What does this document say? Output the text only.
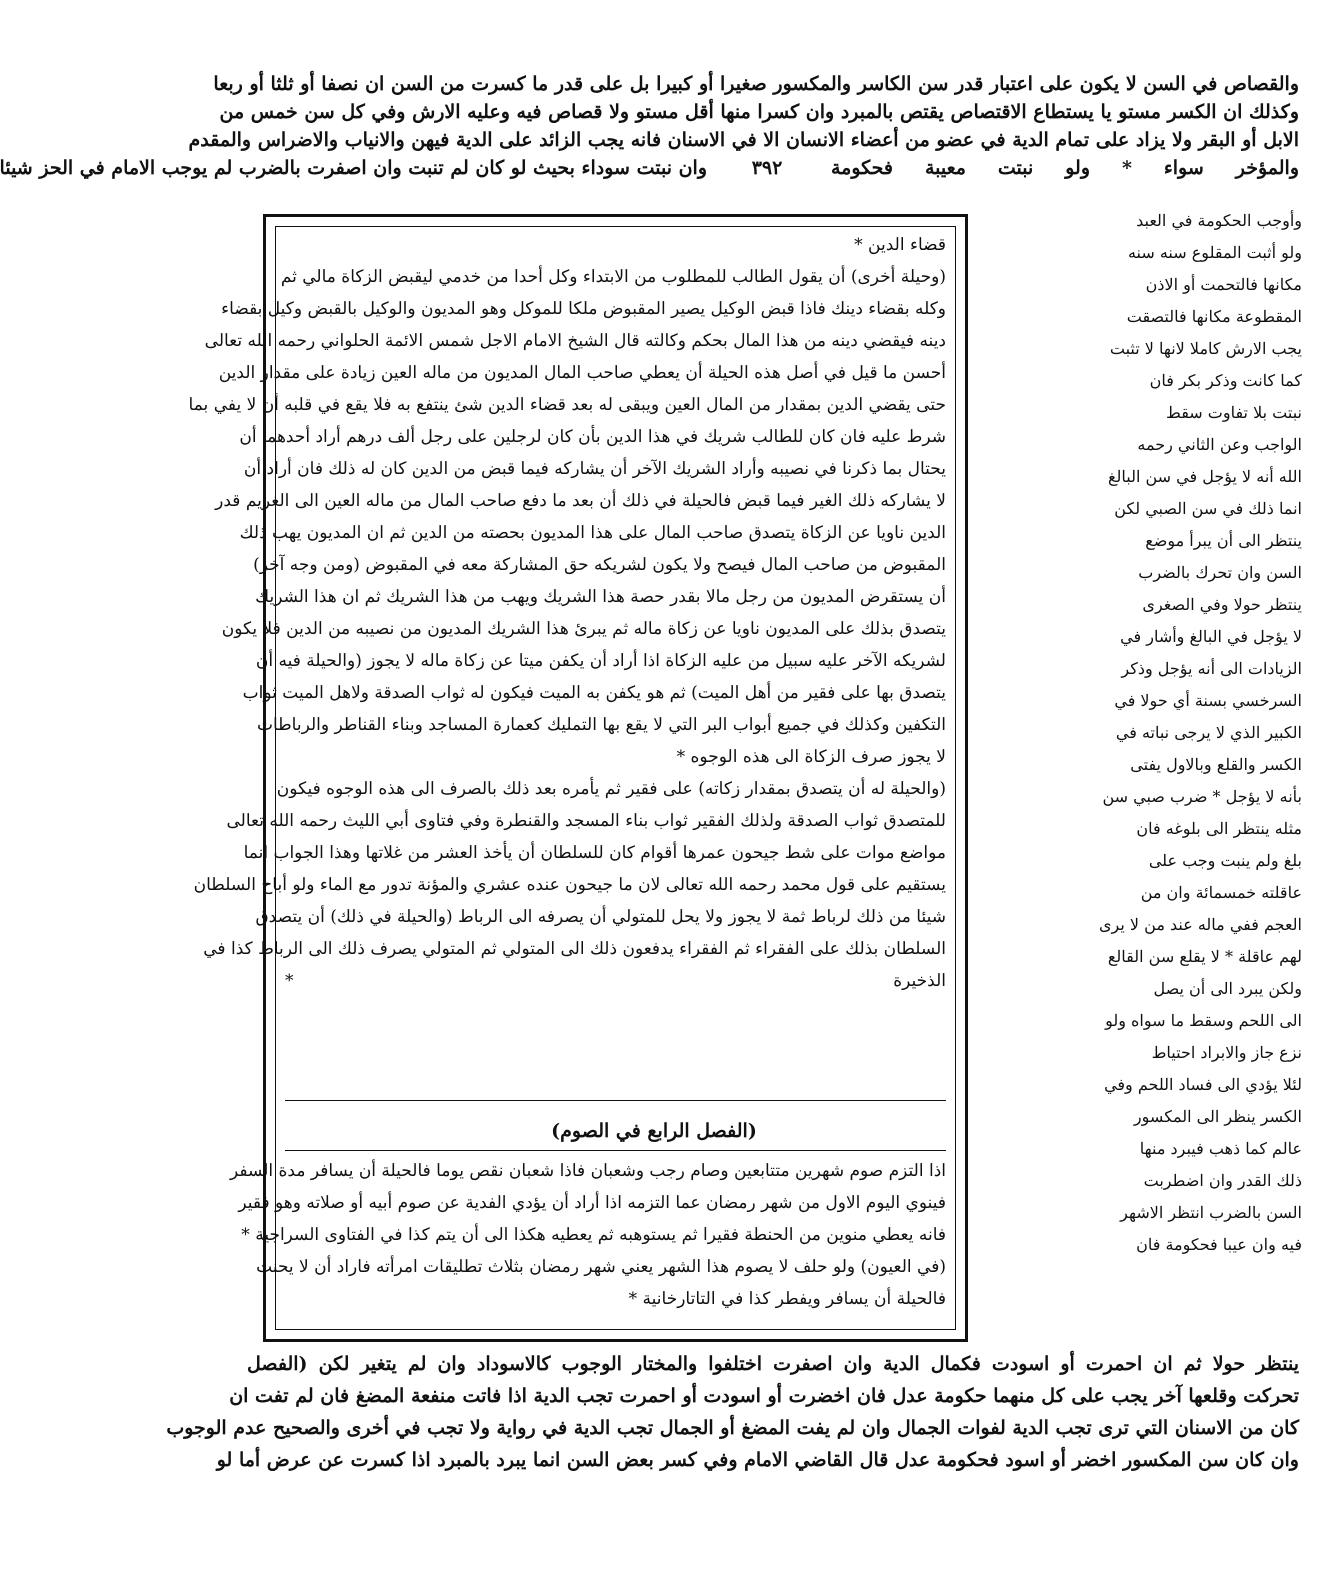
والقصاص في السن لا يكون على اعتبار قدر سن الكاسر والمكسور صغيرا أو كبيرا بل على قدر ما كسرت من السن ان نصفا أو ثلثا أو ربعا
وكذلك ان الكسر مستو يا يستطاع الاقتصاص يقتص بالمبرد وان كسرا منها أقل مستو ولا قصاص فيه وعليه الارش وفي كل سن خمس من
الابل أو البقر ولا يزاد على تمام الدية في عضو من أعضاء الانسان الا في الاسنان فانه يجب الزائد على الدية فيهن والانياب والاضراس والمقدم
والمؤخر سواء * ولو نبتت معيبة فحكومة
٣٩٢
وان نبتت سوداء بحيث لو كان لم تنبت وان اصفرت بالضرب لم يوجب الامام في الحز شيئا
وأوجب الحكومة في العبد
ولو أثبت المقلوع سنه سنه
مكانها فالتحمت أو الاذن
المقطوعة مكانها فالتصقت
يجب الارش كاملا لانها لا تثبت
كما كانت وذكر بكر فان
نبتت بلا تفاوت سقط
الواجب وعن الثاني رحمه
الله أنه لا يؤجل في سن البالغ
انما ذلك في سن الصبي لكن
ينتظر الى أن يبرأ موضع
السن وان تحرك بالضرب
ينتظر حولا وفي الصغرى
لا يؤجل في البالغ وأشار في
الزيادات الى أنه يؤجل وذكر
السرخسي بسنة أي حولا في
الكبير الذي لا يرجى نباته في
الكسر والقلع وبالاول يفتى
بأنه لا يؤجل * ضرب صبي سن
مثله ينتظر الى بلوغه فان
بلغ ولم ينبت وجب على
عاقلته خمسمائة وان من
العجم ففي ماله عند من لا يرى
لهم عاقلة * لا يقلع سن القالع
ولكن يبرد الى أن يصل
الى اللحم وسقط ما سواه ولو
نزع جاز والابراد احتياط
لئلا يؤدي الى فساد اللحم وفي
الكسر ينظر الى المكسور
عالم كما ذهب فيبرد منها
ذلك القدر وان اضطربت
السن بالضرب انتظر الاشهر
فيه وان عيبا فحكومة فان
قضاء الدين *
(وحيلة أخرى) أن يقول الطالب للمطلوب من الابتداء وكل أحدا من خدمي ليقبض الزكاة مالي ثم
وكله بقضاء دينك فاذا قبض الوكيل يصير المقبوض ملكا للموكل وهو المديون والوكيل بالقبض وكيل بقضاء
دينه فيقضي دينه من هذا المال بحكم وكالته قال الشيخ الامام الاجل شمس الائمة الحلواني رحمه الله تعالى
أحسن ما قيل في أصل هذه الحيلة أن يعطي صاحب المال المديون من ماله العين زيادة على مقدار الدين
حتى يقضي الدين بمقدار من المال العين ويبقى له بعد قضاء الدين شئ ينتفع به فلا يقع في قلبه أن لا يفي بما
شرط عليه فان كان للطالب شريك في هذا الدين بأن كان لرجلين على رجل ألف درهم أراد أحدهما أن
يحتال بما ذكرنا في نصيبه وأراد الشريك الآخر أن يشاركه فيما قبض من الدين كان له ذلك فان أراد أن
لا يشاركه ذلك الغير فيما قبض فالحيلة في ذلك أن بعد ما دفع صاحب المال من ماله العين الى الغريم قدر
الدين ناويا عن الزكاة يتصدق صاحب المال على هذا المديون بحصته من الدين ثم ان المديون يهب ذلك
المقبوض من صاحب المال فيصح ولا يكون لشريكه حق المشاركة معه في المقبوض (ومن وجه آخر)
أن يستقرض المديون من رجل مالا بقدر حصة هذا الشريك ويهب من هذا الشريك ثم ان هذا الشريك
يتصدق بذلك على المديون ناويا عن زكاة ماله ثم يبرئ هذا الشريك المديون من نصيبه من الدين فلا يكون
لشريكه الآخر عليه سبيل من عليه الزكاة اذا أراد أن يكفن ميتا عن زكاة ماله لا يجوز (والحيلة فيه أن
يتصدق بها على فقير من أهل الميت) ثم هو يكفن به الميت فيكون له ثواب الصدقة ولاهل الميت ثواب
التكفين وكذلك في جميع أبواب البر التي لا يقع بها التمليك كعمارة المساجد وبناء القناطر والرباطات
لا يجوز صرف الزكاة الى هذه الوجوه *
(والحيلة له أن يتصدق بمقدار زكاته) على فقير ثم يأمره بعد ذلك بالصرف الى هذه الوجوه فيكون
للمتصدق ثواب الصدقة ولذلك الفقير ثواب بناء المسجد والقنطرة وفي فتاوى أبي الليث رحمه الله تعالى
مواضع موات على شط جيحون عمرها أقوام كان للسلطان أن يأخذ العشر من غلاتها وهذا الجواب انما
يستقيم على قول محمد رحمه الله تعالى لان ما جيحون عنده عشري والمؤنة تدور مع الماء ولو أباح السلطان
شيئا من ذلك لرباط ثمة لا يجوز ولا يحل للمتولي أن يصرفه الى الرباط (والحيلة في ذلك) أن يتصدق
السلطان بذلك على الفقراء ثم الفقراء يدفعون ذلك الى المتولي ثم المتولي يصرف ذلك الى الرباط كذا في
الذخيرة *
(الفصل الرابع في الصوم)
اذا التزم صوم شهرين متتابعين وصام رجب وشعبان فاذا شعبان نقص يوما فالحيلة أن يسافر مدة السفر
فينوي اليوم الاول من شهر رمضان عما التزمه اذا أراد أن يؤدي الفدية عن صوم أبيه أو صلاته وهو فقير
فانه يعطي منوين من الحنطة فقيرا ثم يستوهبه ثم يعطيه هكذا الى أن يتم كذا في الفتاوى السراجية *
(في العيون) ولو حلف لا يصوم هذا الشهر يعني شهر رمضان بثلاث تطليقات امرأته فاراد أن لا يحنث
فالحيلة أن يسافر ويفطر كذا في التاتارخانية *
ينتظر حولا ثم ان احمرت أو اسودت فكمال الدية وان اصفرت اختلفوا والمختار الوجوب كالاسوداد وان لم يتغير لكن (الفصل
تحركت وقلعها آخر يجب على كل منهما حكومة عدل فان اخضرت أو اسودت أو احمرت تجب الدية اذا فاتت منفعة المضغ فان لم تفت ان
كان من الاسنان التي ترى تجب الدية لفوات الجمال وان لم يفت المضغ أو الجمال تجب الدية في رواية ولا تجب في أخرى والصحيح عدم الوجوب
وان كان سن المكسور اخضر أو اسود فحكومة عدل قال القاضي الامام وفي كسر بعض السن انما يبرد بالمبرد اذا كسرت عن عرض أما لو
